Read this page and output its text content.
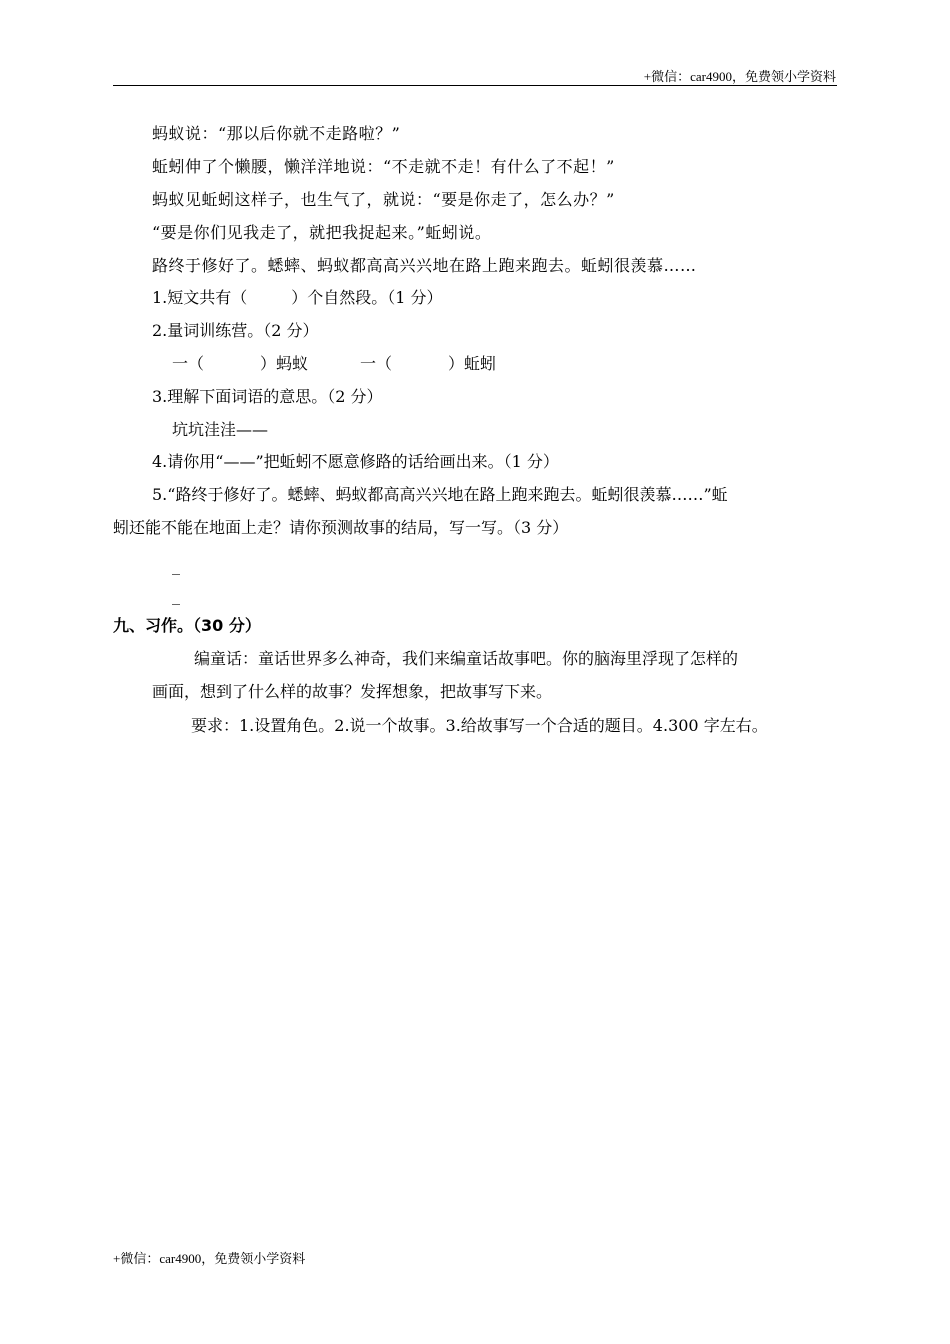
+微信：car4900，免费领小学资料
蚂蚁说：“那以后你就不走路啦？”
蚯蚓伸了个懒腰，懒洋洋地说：“不走就不走！有什么了不起！”
蚂蚁见蚯蚓这样子，也生气了，就说：“要是你走了，怎么办？”
“要是你们见我走了，就把我捉起来。”蚯蚓说。
路终于修好了。蟋蟀、蚂蚁都高高兴兴地在路上跑来跑去。蚯蚓很羡慕……
1.短文共有（	）个自然段。（1 分）
2.量词训练营。（2 分）
一（	）蚂蚁	一（	）蚯蚓
3.理解下面词语的意思。（2 分）
坑坑洼洼——
4.请你用“——”把蚯蚓不愿意修路的话给画出来。（1 分）
5.“路终于修好了。蟋蟀、蚂蚁都高高兴兴地在路上跑来跑去。蚯蚓很羡慕……”蚯
蚓还能不能在地面上走？请你预测故事的结局，写一写。（3 分）
_
_
九、习作。（30 分）
编童话：童话世界多么神奇，我们来编童话故事吧。你的脑海里浮现了怎样的
画面，想到了什么样的故事？发挥想象，把故事写下来。
要求：1.设置角色。2.说一个故事。3.给故事写一个合适的题目。4.300 字左右。
+微信：car4900，免费领小学资料
